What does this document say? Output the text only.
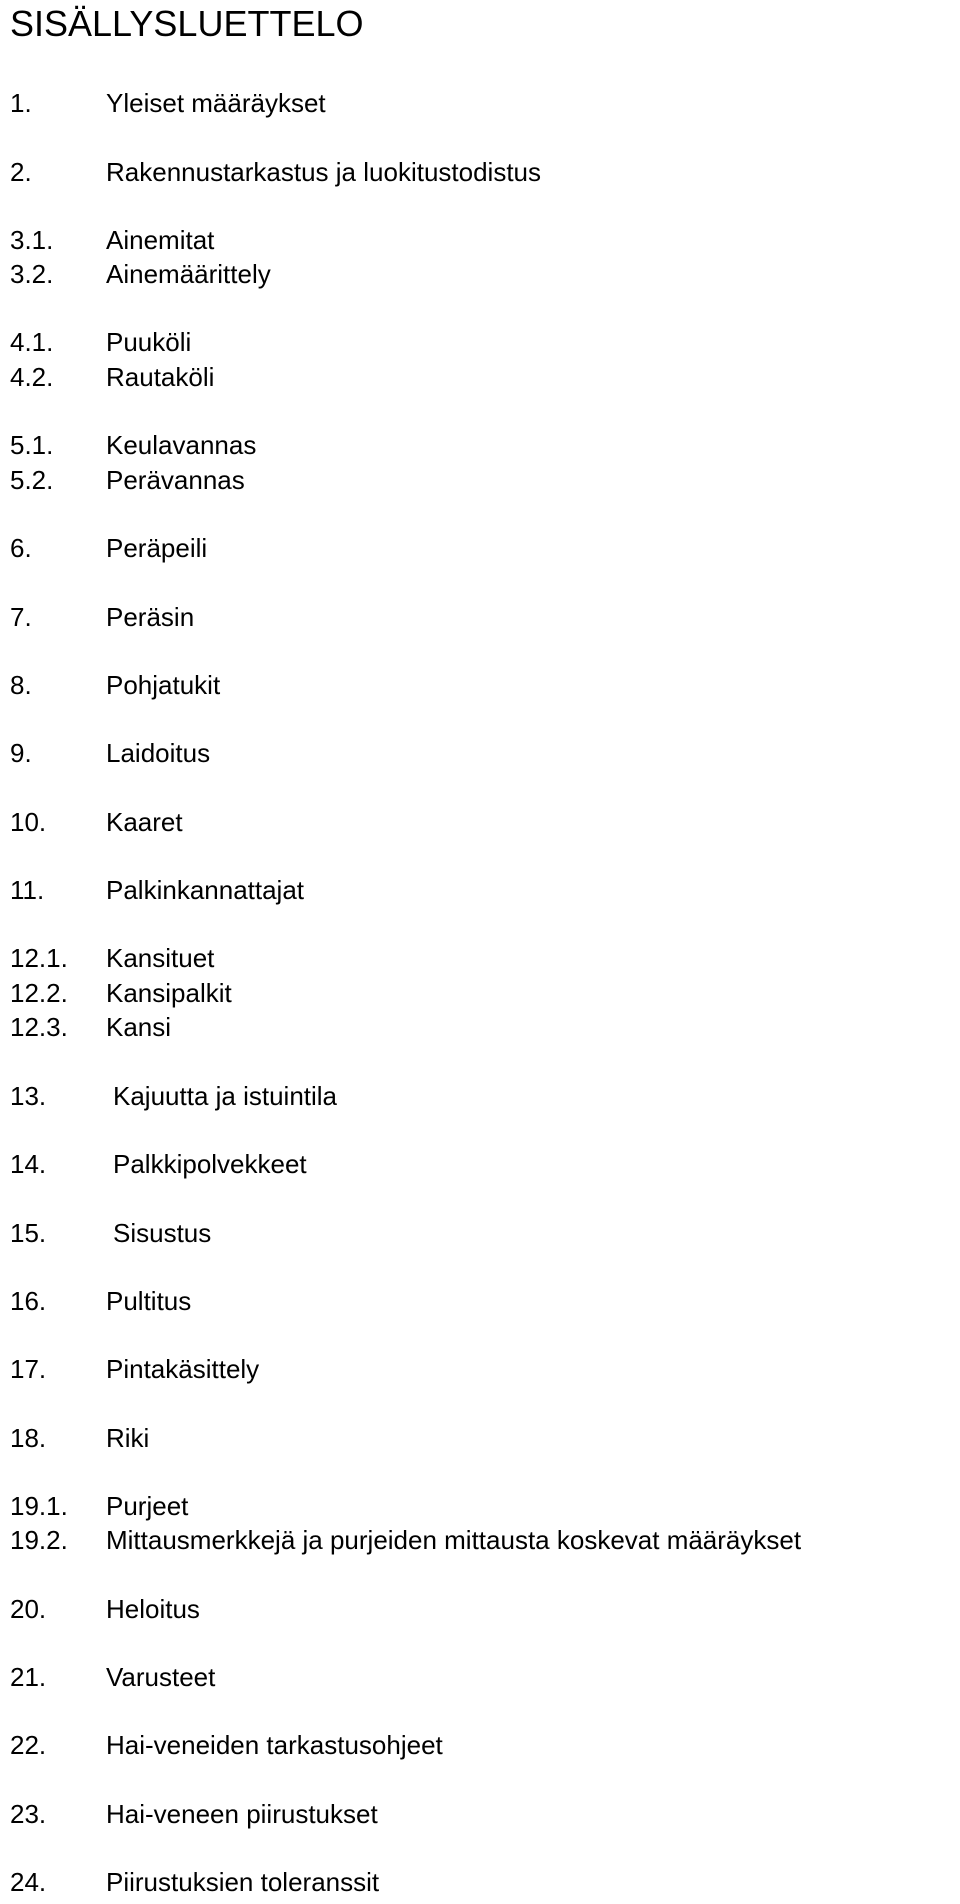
SISÄLLYSLUETTELO
1.	Yleiset määräykset
2.	Rakennustarkastus ja luokitustodistus
3.1. Ainemitat
3.2. Ainemäärittely
4.1. Puuköli
4.2. Rautaköli
5.1. Keulavannas
5.2. Perävannas
6.	Peräpeili
7.	Peräsin
8.	Pohjatukit
9.	Laidoitus
10. Kaaret
11. Palkinkannattajat
12.1. Kansituet
12.2. Kansipalkit
12.3. Kansi
13.	Kajuutta ja istuintila
14.	Palkkipolvekkeet
15.	Sisustus
16. Pultitus
17. Pintakäsittely
18. Riki
19.1. Purjeet
19.2. Mittausmerkkejä ja purjeiden mittausta koskevat määräykset
20. Heloitus
21. Varusteet
22. Hai-veneiden tarkastusohjeet
23. Hai-veneen piirustukset
24. Piirustuksien toleranssit
